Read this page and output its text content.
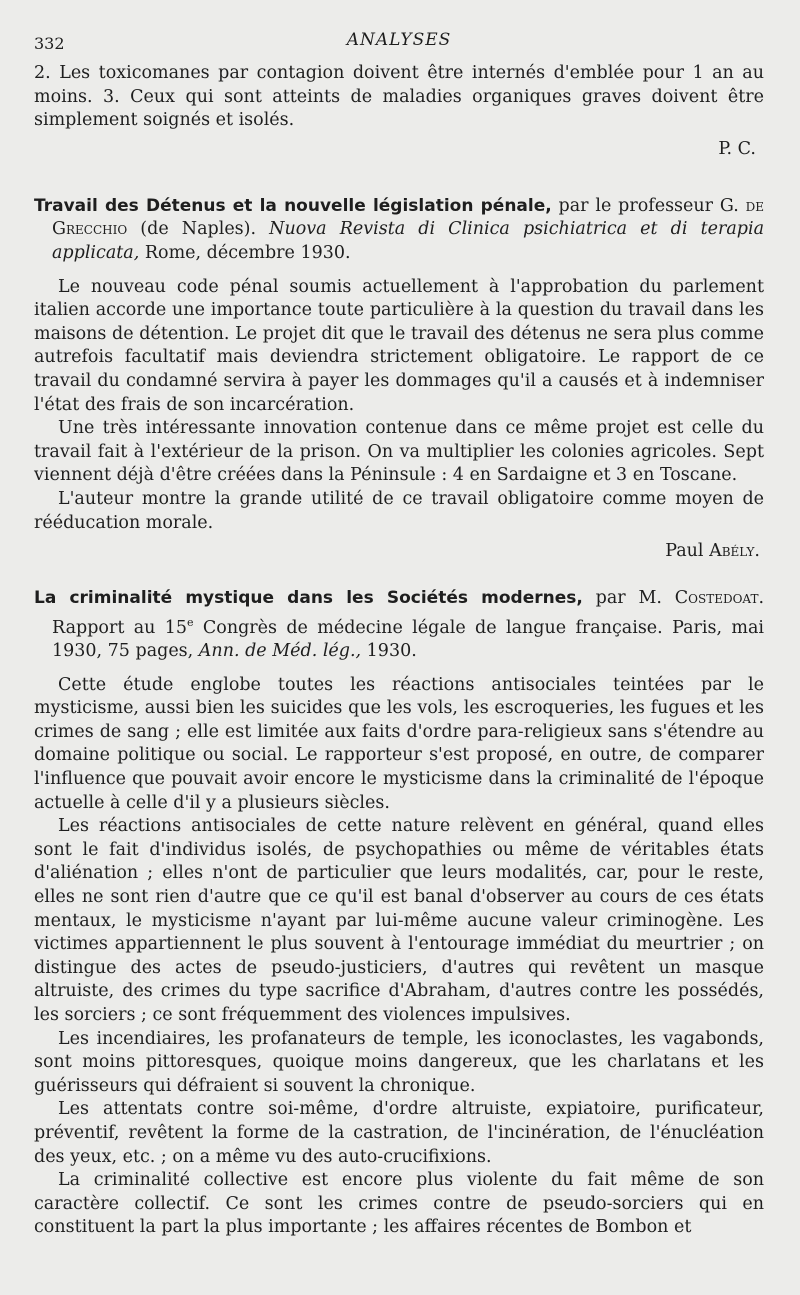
332	ANALYSES

2. Les toxicomanes par contagion doivent être internés d'emblée pour 1 an au moins. 3. Ceux qui sont atteints de maladies organiques graves doivent être simplement soignés et isolés.

P. C.
Travail des Détenus et la nouvelle législation pénale, par le professeur G. de Grecchio (de Naples). Nuova Revista di Clinica psichiatrica et di terapia applicata, Rome, décembre 1930.

Le nouveau code pénal soumis actuellement à l'approbation du parlement italien accorde une importance toute particulière à la question du travail dans les maisons de détention. Le projet dit que le travail des détenus ne sera plus comme autrefois facultatif mais deviendra strictement obligatoire. Le rapport de ce travail du condamné servira à payer les dommages qu'il a causés et à indemniser l'état des frais de son incarcération.

Une très intéressante innovation contenue dans ce même projet est celle du travail fait à l'extérieur de la prison. On va multiplier les colonies agricoles. Sept viennent déjà d'être créées dans la Péninsule : 4 en Sardaigne et 3 en Toscane.

L'auteur montre la grande utilité de ce travail obligatoire comme moyen de rééducation morale.

Paul Abély.
La criminalité mystique dans les Sociétés modernes, par M. Costedoat. Rapport au 15e Congrès de médecine légale de langue française. Paris, mai 1930, 75 pages, Ann. de Méd. lég., 1930.

Cette étude englobe toutes les réactions antisociales teintées par le mysticisme, aussi bien les suicides que les vols, les escroqueries, les fugues et les crimes de sang ; elle est limitée aux faits d'ordre para-religieux sans s'étendre au domaine politique ou social. Le rapporteur s'est proposé, en outre, de comparer l'influence que pouvait avoir encore le mysticisme dans la criminalité de l'époque actuelle à celle d'il y a plusieurs siècles.

Les réactions antisociales de cette nature relèvent en général, quand elles sont le fait d'individus isolés, de psychopathies ou même de véritables états d'aliénation ; elles n'ont de particulier que leurs modalités, car, pour le reste, elles ne sont rien d'autre que ce qu'il est banal d'observer au cours de ces états mentaux, le mysticisme n'ayant par lui-même aucune valeur criminogène. Les victimes appartiennent le plus souvent à l'entourage immédiat du meurtrier ; on distingue des actes de pseudo-justiciers, d'autres qui revêtent un masque altruiste, des crimes du type sacrifice d'Abraham, d'autres contre les possédés, les sorciers ; ce sont fréquemment des violences impulsives.

Les incendiaires, les profanateurs de temple, les iconoclastes, les vagabonds, sont moins pittoresques, quoique moins dangereux, que les charlatans et les guérisseurs qui défraient si souvent la chronique.

Les attentats contre soi-même, d'ordre altruiste, expiatoire, purificateur, préventif, revêtent la forme de la castration, de l'incinération, de l'énucléation des yeux, etc. ; on a même vu des auto-crucifixions.

La criminalité collective est encore plus violente du fait même de son caractère collectif. Ce sont les crimes contre de pseudo-sorciers qui en constituent la part la plus importante ; les affaires récentes de Bombon et
